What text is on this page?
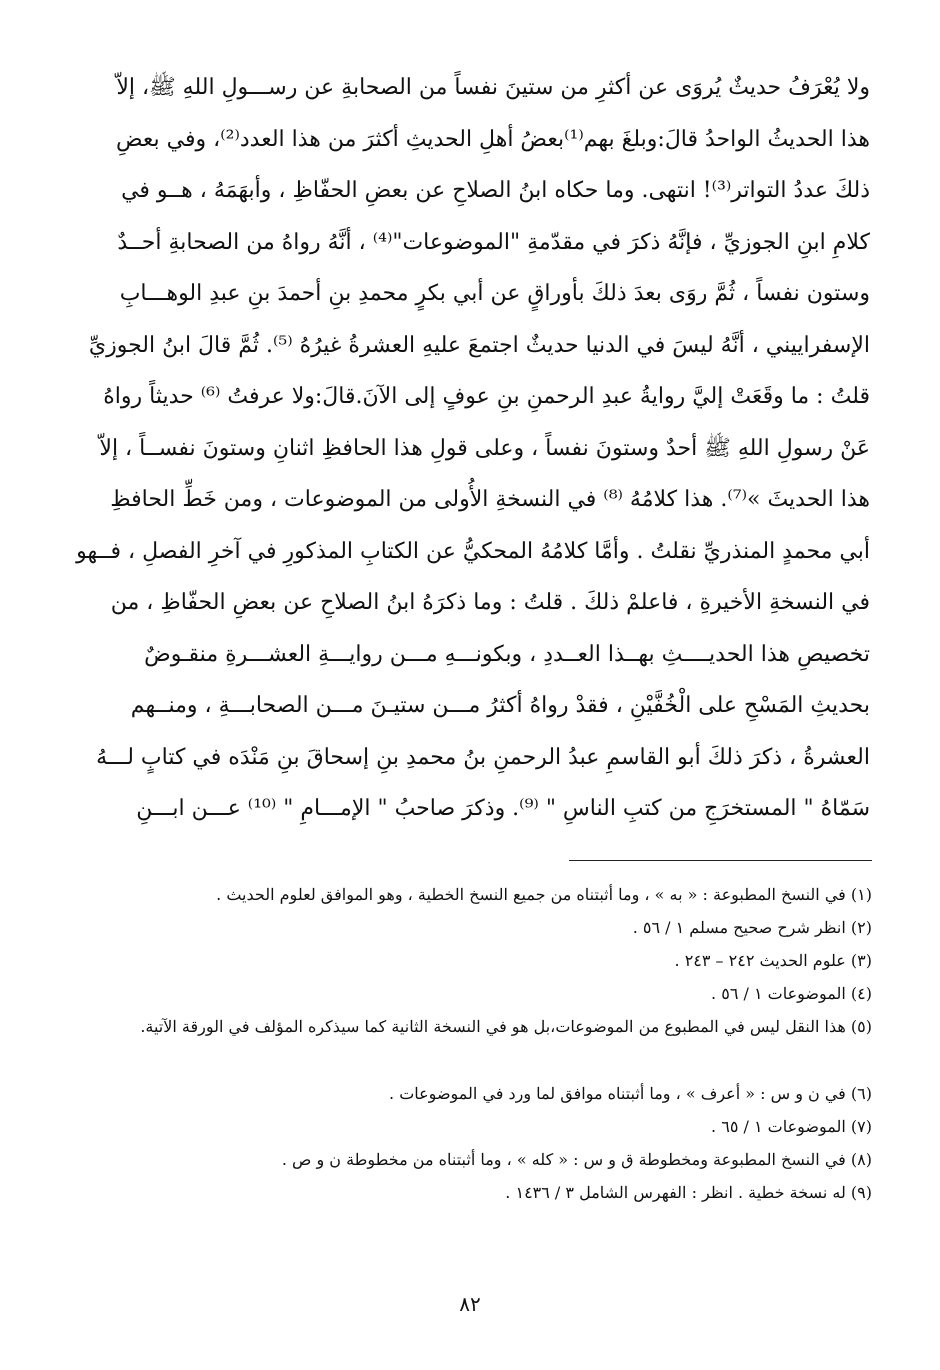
ولا يُعْرَفُ حديثٌ يُروَى عن أكثرِ من ستينَ نفساً من الصحابةِ عن رســـولِ اللهِ ﷺ، إلاّ
هذا الحديثُ الواحدُ قالَ:وبلغَ بهم⁽¹⁾بعضُ أهلِ الحديثِ أكثرَ من هذا العدد⁽²⁾، وفي بعضِ
ذلكَ عددُ التواتر⁽³⁾! انتهى. وما حكاه ابنُ الصلاحِ عن بعضِ الحفّاظِ ، وأبهَمَهُ ، هــو في
كلامِ ابنِ الجوزيِّ ، فإنَّهُ ذكرَ في مقدّمةِ "الموضوعات"⁽⁴⁾ ، أنَّهُ رواهُ من الصحابةِ أحــدٌ
وستون نفساً ، ثُمَّ روَى بعدَ ذلكَ بأوراقٍ عن أبي بكرٍ محمدِ بنِ أحمدَ بنِ عبدِ الوهـــابِ
الإسفراييني ، أنَّهُ ليسَ في الدنيا حديثٌ اجتمعَ عليهِ العشرةُ غيرُهُ ⁽⁵⁾. ثُمَّ قالَ ابنُ الجوزيِّ
قلتُ : ما وقَعَتْ إليَّ روايةُ عبدِ الرحمنِ بنِ عوفٍ إلى الآنَ.قالَ:ولا عرفتُ ⁽⁶⁾ حديثاً رواهُ
عَنْ رسولِ اللهِ ﷺ أحدٌ وستونَ نفساً ، وعلى قولِ هذا الحافظِ اثنانِ وستونَ نفســاً ، إلاّ
هذا الحديثَ »⁽⁷⁾. هذا كلامُهُ ⁽⁸⁾ في النسخةِ الأُولى من الموضوعات ، ومن خَطِّ الحافظِ
أبي محمدٍ المنذريِّ نقلتُ . وأمَّا كلامُهُ المحكيُّ عن الكتابِ المذكورِ في آخرِ الفصلِ ، فــهو
في النسخةِ الأخيرةِ ، فاعلمْ ذلكَ . قلتُ : وما ذكرَهُ ابنُ الصلاحِ عن بعضِ الحفّاظِ ، من
تخصيصِ هذا الحديــــثِ بهــذا العــددِ ، وبكونـــهِ مـــن روايـــةِ العشـــرةِ منقـوضٌ
بحديثِ المَسْحِ على الْخُفَّيْنِ ، فقدْ رواهُ أكثرُ مـــن ستيـنَ مـــن الصحابـــةِ ، ومنــهم
العشرةُ ، ذكرَ ذلكَ أبو القاسمِ عبدُ الرحمنِ بنُ محمدِ بنِ إسحاقَ بنِ مَنْدَه في كتابٍ لـــهُ
سَمّاهُ " المستخرَجِ من كتبِ الناسِ " ⁽⁹⁾. وذكرَ صاحبُ " الإمـــامِ " ⁽¹⁰⁾ عـــن ابـــنِ
(١) في النسخ المطبوعة : « به » ، وما أثبتناه من جميع النسخ الخطية ، وهو الموافق لعلوم الحديث .
(٢) انظر شرح صحيح مسلم ١ / ٥٦ .
(٣) علوم الحديث ٢٤٢ – ٢٤٣ .
(٤) الموضوعات ١ / ٥٦ .
(٥) هذا النقل ليس في المطبوع من الموضوعات،بل هو في النسخة الثانية كما سيذكره المؤلف في الورقة الآتية.
(٦) في ن و س : « أعرف » ، وما أثبتناه موافق لما ورد في الموضوعات .
(٧) الموضوعات ١ / ٦٥ .
(٨) في النسخ المطبوعة ومخطوطة ق و س : « كله » ، وما أثبتناه من مخطوطة ن و ص .
(٩) له نسخة خطية . انظر : الفهرس الشامل ٣ / ١٤٣٦ .
٨٢
